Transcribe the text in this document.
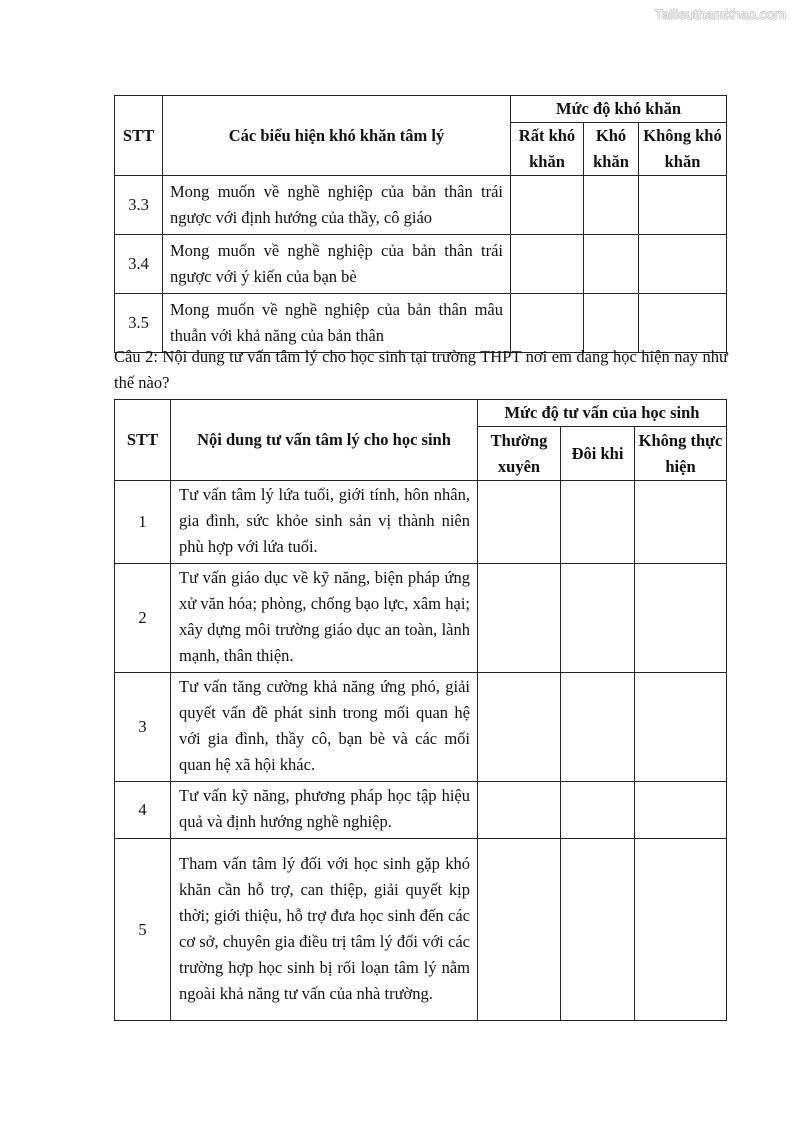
Tailieuthamkhao.com
STT	Các biểu hiện khó khăn tâm lý	Mức độ khó khăn		
		Rất khó khăn	Khó khăn	Không khó khăn
3.3	Mong muốn về nghề nghiệp của bản thân trái ngược với định hướng của thầy, cô giáo			
3.4	Mong muốn về nghề nghiệp của bản thân trái ngược với ý kiến của bạn bè			
3.5	Mong muốn về nghề nghiệp của bản thân mâu thuẫn với khả năng của bản thân			
Câu 2: Nội dung tư vấn tâm lý cho học sinh tại trường THPT nơi em đang học hiện nay như thế nào?
STT	Nội dung tư vấn tâm lý cho học sinh	Mức độ tư vấn của học sinh		
		Thường xuyên	Đôi khi	Không thực hiện
1	Tư vấn tâm lý lứa tuổi, giới tính, hôn nhân, gia đình, sức khỏe sinh sản vị thành niên phù hợp với lứa tuổi.			
2	Tư vấn giáo dục về kỹ năng, biện pháp ứng xử văn hóa; phòng, chống bạo lực, xâm hại; xây dựng môi trường giáo dục an toàn, lành mạnh, thân thiện.			
3	Tư vấn tăng cường khả năng ứng phó, giải quyết vấn đề phát sinh trong mối quan hệ với gia đình, thầy cô, bạn bè và các mối quan hệ xã hội khác.			
4	Tư vấn kỹ năng, phương pháp học tập hiệu quả và định hướng nghề nghiệp.			
5	Tham vấn tâm lý đối với học sinh gặp khó khăn cần hỗ trợ, can thiệp, giải quyết kịp thời; giới thiệu, hỗ trợ đưa học sinh đến các cơ sở, chuyên gia điều trị tâm lý đối với các trường hợp học sinh bị rối loạn tâm lý nằm ngoài khả năng tư vấn của nhà trường.			
